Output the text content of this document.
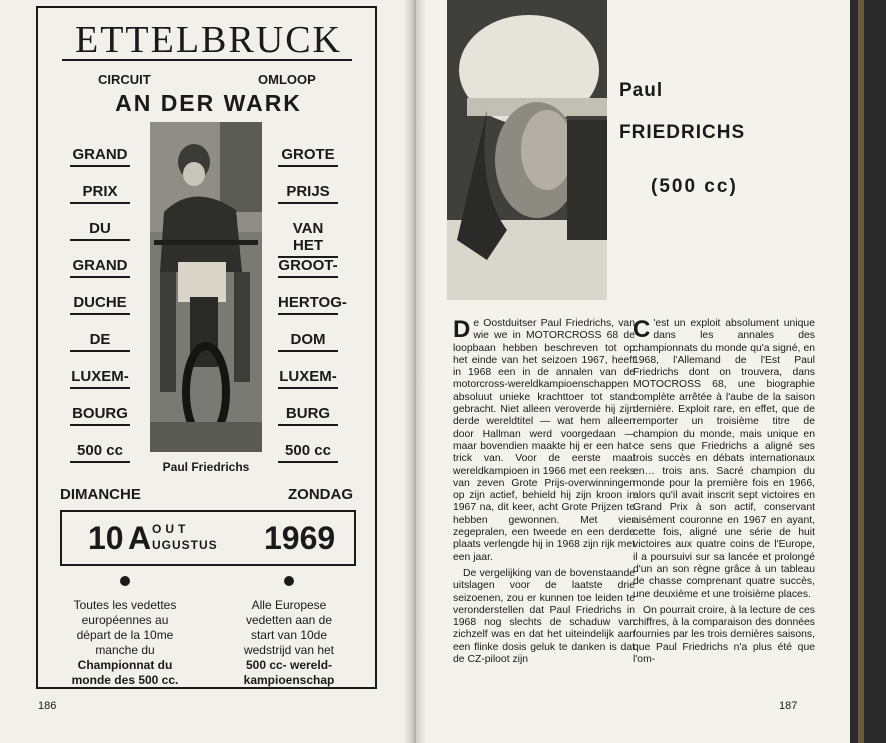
ETTELBRUCK
CIRCUIT	OMLOOP
AN DER WARK
GRAND
PRIX
DU
GRAND
DUCHE
DE
LUXEM-
BOURG
500 cc
GROTE
PRIJS
VAN HET
GROOT-
HERTOG-
DOM
LUXEM-
BURG
500 cc
Paul Friedrichs
DIMANCHE	ZONDAG
10 A OUT
UGUSTUS 1969
Toutes les vedettes
européennes au
départ de la 10me
manche du
Championnat du
monde des 500 cc.
Alle Europese
vedetten aan de
start van 10de
wedstrijd van het
500 cc- wereld-
kampioenschap
186
Paul
FRIEDRICHS
(500 cc)

De Oostduitser Paul Friedrichs, van wie we in MOTORCROSS 68 de loopbaan hebben beschreven tot op het einde van het seizoen 1967, heeft in 1968 een in de annalen van de motorcross-wereldkampioenschappen absoluut unieke krachttoer tot stand gebracht. Niet alleen veroverde hij zijn derde wereldtitel — wat hem alleen door Hallman werd voorgedaan — maar bovendien maakte hij er een hat-trick van. Voor de eerste maal wereldkampioen in 1966 met een reeks van zeven Grote Prijs-overwinningen op zijn actief, behield hij zijn kroon in 1967 na, dit keer, acht Grote Prijzen te hebben gewonnen. Met vier zegepralen, een tweede en een derde plaats verlengde hij in 1968 zijn rijk met een jaar.

De vergelijking van de bovenstaande uitslagen voor de laatste drie seizoenen, zou er kunnen toe leiden te veronderstellen dat Paul Friedrichs in 1968 nog slechts de schaduw van zichzelf was en dat het uiteindelijk aan een flinke dosis geluk te danken is dat de CZ-piloot zijn

C 'est un exploit absolument unique dans les annales des championnats du monde qu'a signé, en 1968, l'Allemand de l'Est Paul Friedrichs dont on trouvera, dans MOTOCROSS 68, une biographie complète arrêtée à l'aube de la saison dernière. Exploit rare, en effet, que de remporter un troisième titre de champion du monde, mais unique en ce sens que Friedrichs a aligné ses trois succès en débats internationaux en… trois ans. Sacré champion du monde pour la première fois en 1966, alors qu'il avait inscrit sept victoires en Grand Prix à son actif, conservant aisément couronne en 1967 en ayant, cette fois, aligné une série de huit victoires aux quatre coins de l'Europe, il a poursuivi sur sa lancée et prolongé d'un an son règne grâce à un tableau de chasse comprenant quatre succès, une deuxième et une troisième places.

On pourrait croire, à la lecture de ces chiffres, à la comparaison des données fournies par les trois dernières saisons, que Paul Friedrichs n'a plus été que l'om-

187
